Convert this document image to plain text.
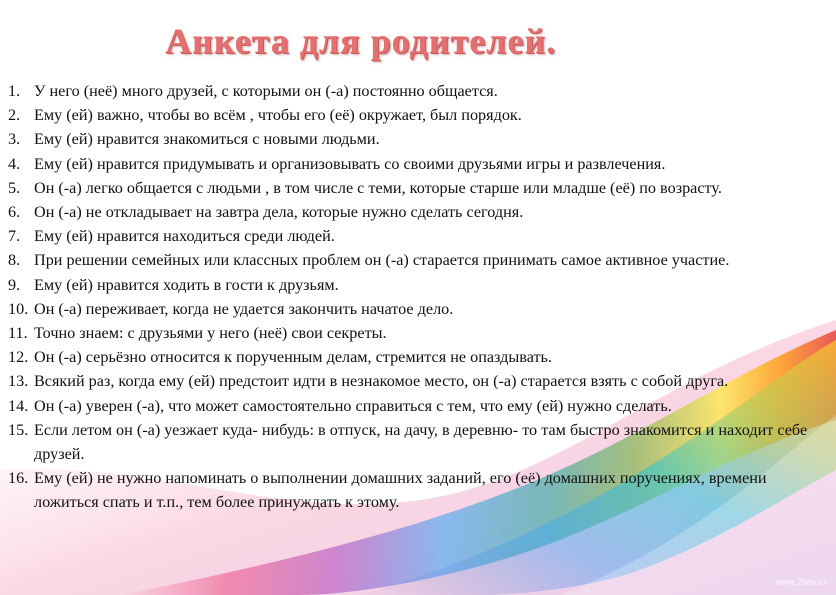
Анкета для родителей.
1. У него (неё) много друзей, с которыми он (-а) постоянно общается.
2. Ему (ей) важно, чтобы во всём , чтобы его (её) окружает, был порядок.
3. Ему (ей) нравится знакомиться с новыми людьми.
4. Ему (ей) нравится придумывать и организовывать со своими друзьями игры и развлечения.
5. Он (-а) легко общается с людьми , в том числе с теми, которые старше или младше (её) по возрасту.
6. Он (-а) не откладывает на завтра дела, которые нужно сделать сегодня.
7. Ему (ей) нравится находиться среди людей.
8. При решении семейных или классных проблем он (-а) старается принимать самое активное участие.
9. Ему (ей) нравится ходить в гости к друзьям.
10. Он (-а) переживает, когда не удается закончить начатое дело.
11. Точно знаем: с друзьями у него (неё) свои секреты.
12. Он (-а) серьёзно относится к порученным делам, стремится не опаздывать.
13. Всякий раз, когда ему (ей) предстоит идти в незнакомое место, он (-а) старается взять с собой друга.
14. Он (-а) уверен (-а), что может самостоятельно справиться с тем, что ему (ей) нужно сделать.
15. Если летом он (-а) уезжает куда- нибудь: в отпуск, на дачу, в деревню- то там быстро знакомится и находит себе друзей.
16. Ему (ей) не нужно напоминать о выполнении домашних заданий, его (её) домашних поручениях, времени ложиться спать и т.п., тем более принуждать к этому.
www.7sov.ru
